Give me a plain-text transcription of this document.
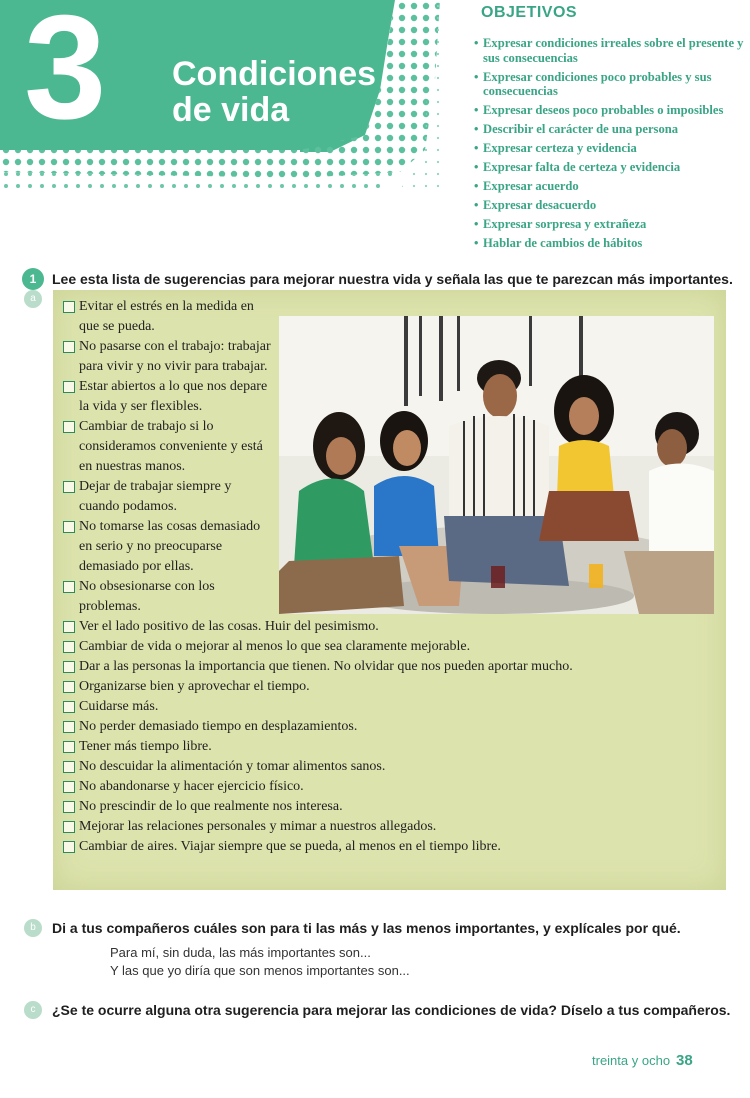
3 Condiciones
de vida
OBJETIVOS
• Expresar condiciones irreales sobre el presente y sus consecuencias
• Expresar condiciones poco probables y sus consecuencias
• Expresar deseos poco probables o imposibles
• Describir el carácter de una persona
• Expresar certeza y evidencia
• Expresar falta de certeza y evidencia
• Expresar acuerdo
• Expresar desacuerdo
• Expresar sorpresa y extrañeza
• Hablar de cambios de hábitos
1	Lee esta lista de sugerencias para mejorar nuestra vida y señala las que te parezcan más importantes.
a
Evitar el estrés en la medida en que se pueda.
No pasarse con el trabajo: trabajar para vivir y no vivir para trabajar.
Estar abiertos a lo que nos depare la vida y ser flexibles.
Cambiar de trabajo si lo consideramos conveniente y está en nuestras manos.
Dejar de trabajar siempre y cuando podamos.
No tomarse las cosas demasiado en serio y no preocuparse demasiado por ellas.
No obsesionarse con los problemas.
Ver el lado positivo de las cosas. Huir del pesimismo.
Cambiar de vida o mejorar al menos lo que sea claramente mejorable.
Dar a las personas la importancia que tienen. No olvidar que nos pueden aportar mucho.
Organizarse bien y aprovechar el tiempo.
Cuidarse más.
No perder demasiado tiempo en desplazamientos.
Tener más tiempo libre.
No descuidar la alimentación y tomar alimentos sanos.
No abandonarse y hacer ejercicio físico.
No prescindir de lo que realmente nos interesa.
Mejorar las relaciones personales y mimar a nuestros allegados.
Cambiar de aires. Viajar siempre que se pueda, al menos en el tiempo libre.
b	Di a tus compañeros cuáles son para ti las más y las menos importantes, y explícales por qué.
Para mí, sin duda, las más importantes son...
Y las que yo diría que son menos importantes son...
c	¿Se te ocurre alguna otra sugerencia para mejorar las condiciones de vida? Díselo a tus compañeros.
treinta y ocho 38
